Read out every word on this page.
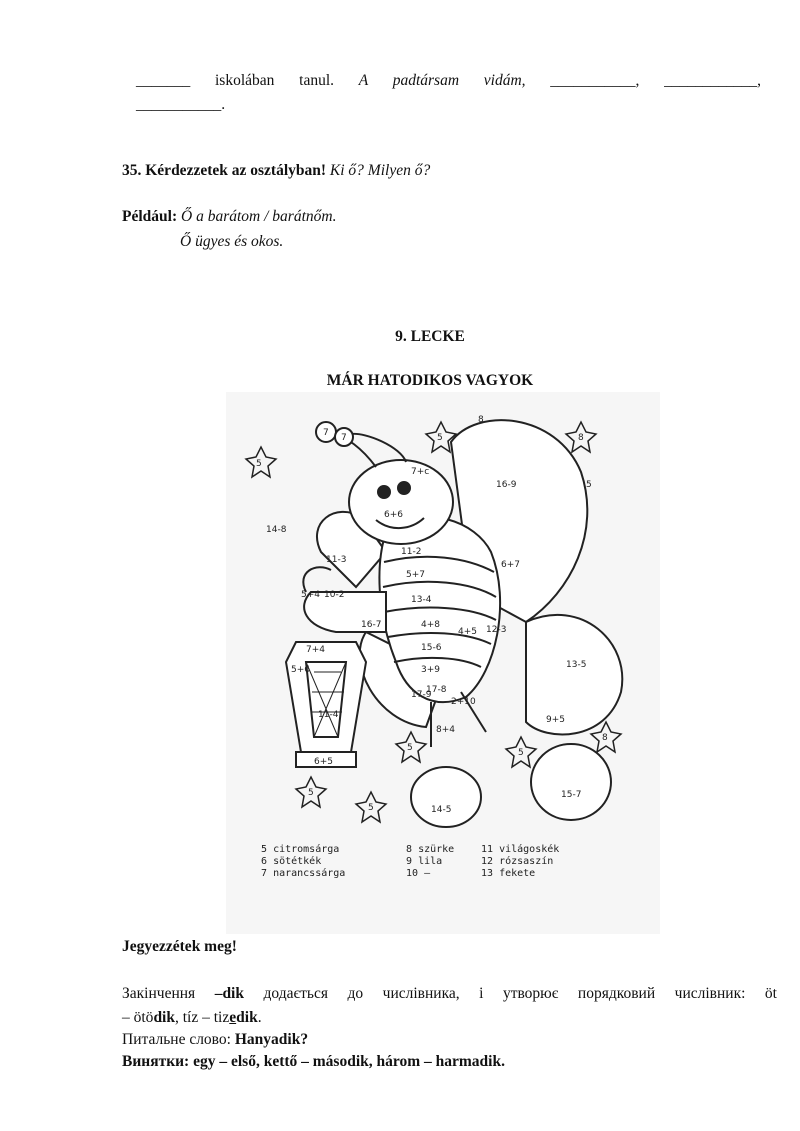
_______ iskolában tanul. A padtársam vidám, ___________, ____________,
___________.
35. Kérdezzetek az osztályban! Ki ő? Milyen ő?
Például: Ő a barátom / barátnőm.
Ő ügyes és okos.
9. LECKE
MÁR HATODIKOS VAGYOK
7 7
7+c
6+6
16-9
14-8
11-3
11-2
5+7
13-4
4+8
15-6
3+9
17-8
2+10
6+7
12-3
4+5
5+4 10-2
16-7
7+4
5+6
11-4
6+5
13-5
17-9
8+4
9+5
14-5
15-7
5
5
8
8
5	5
8
5
5
5
5 citromsárga
6 sötétkék
7 narancssárga
8 szürke
9 lila
10 –
11 világoskék
12 rózsaszín
13 fekete
Jegyezzétek meg!
Закінчення –dik додається до числівника, і утворює порядковий числівник: öt
– ötödik, tíz – tizedik.
Питальне слово: Hanyadik?
Винятки: egy – első, kettő – második, három – harmadik.
